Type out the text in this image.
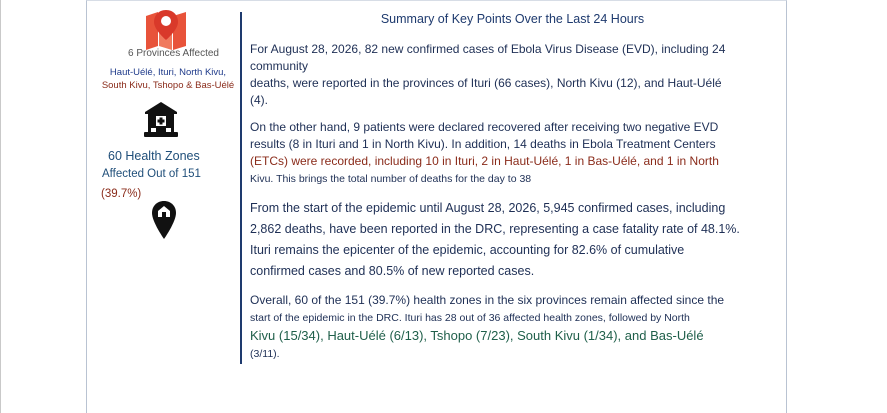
6 Provinces Affected
Haut-Uélé, Ituri, North Kivu,
South Kivu, Tshopo & Bas-Uélé
60 Health Zones
Affected Out of 151
(39.7%)
Summary of Key Points Over the Last 24 Hours

For August 28, 2026, 82 new confirmed cases of Ebola Virus Disease (EVD), including 24 community
deaths, were reported in the provinces of Ituri (66 cases), North Kivu (12), and Haut-Uélé
(4).

On the other hand, 9 patients were declared recovered after receiving two negative EVD
results (8 in Ituri and 1 in North Kivu). In addition, 14 deaths in Ebola Treatment Centers
(ETCs) were recorded, including 10 in Ituri, 2 in Haut-Uélé, 1 in Bas-Uélé, and 1 in North
Kivu. This brings the total number of deaths for the day to 38

From the start of the epidemic until August 28, 2026, 5,945 confirmed cases, including
2,862 deaths, have been reported in the DRC, representing a case fatality rate of 48.1%.
Ituri remains the epicenter of the epidemic, accounting for 82.6% of cumulative
confirmed cases and 80.5% of new reported cases.

Overall, 60 of the 151 (39.7%) health zones in the six provinces remain affected since the
start of the epidemic in the DRC. Ituri has 28 out of 36 affected health zones, followed by North
Kivu (15/34), Haut-Uélé (6/13), Tshopo (7/23), South Kivu (1/34), and Bas-Uélé
(3/11).
